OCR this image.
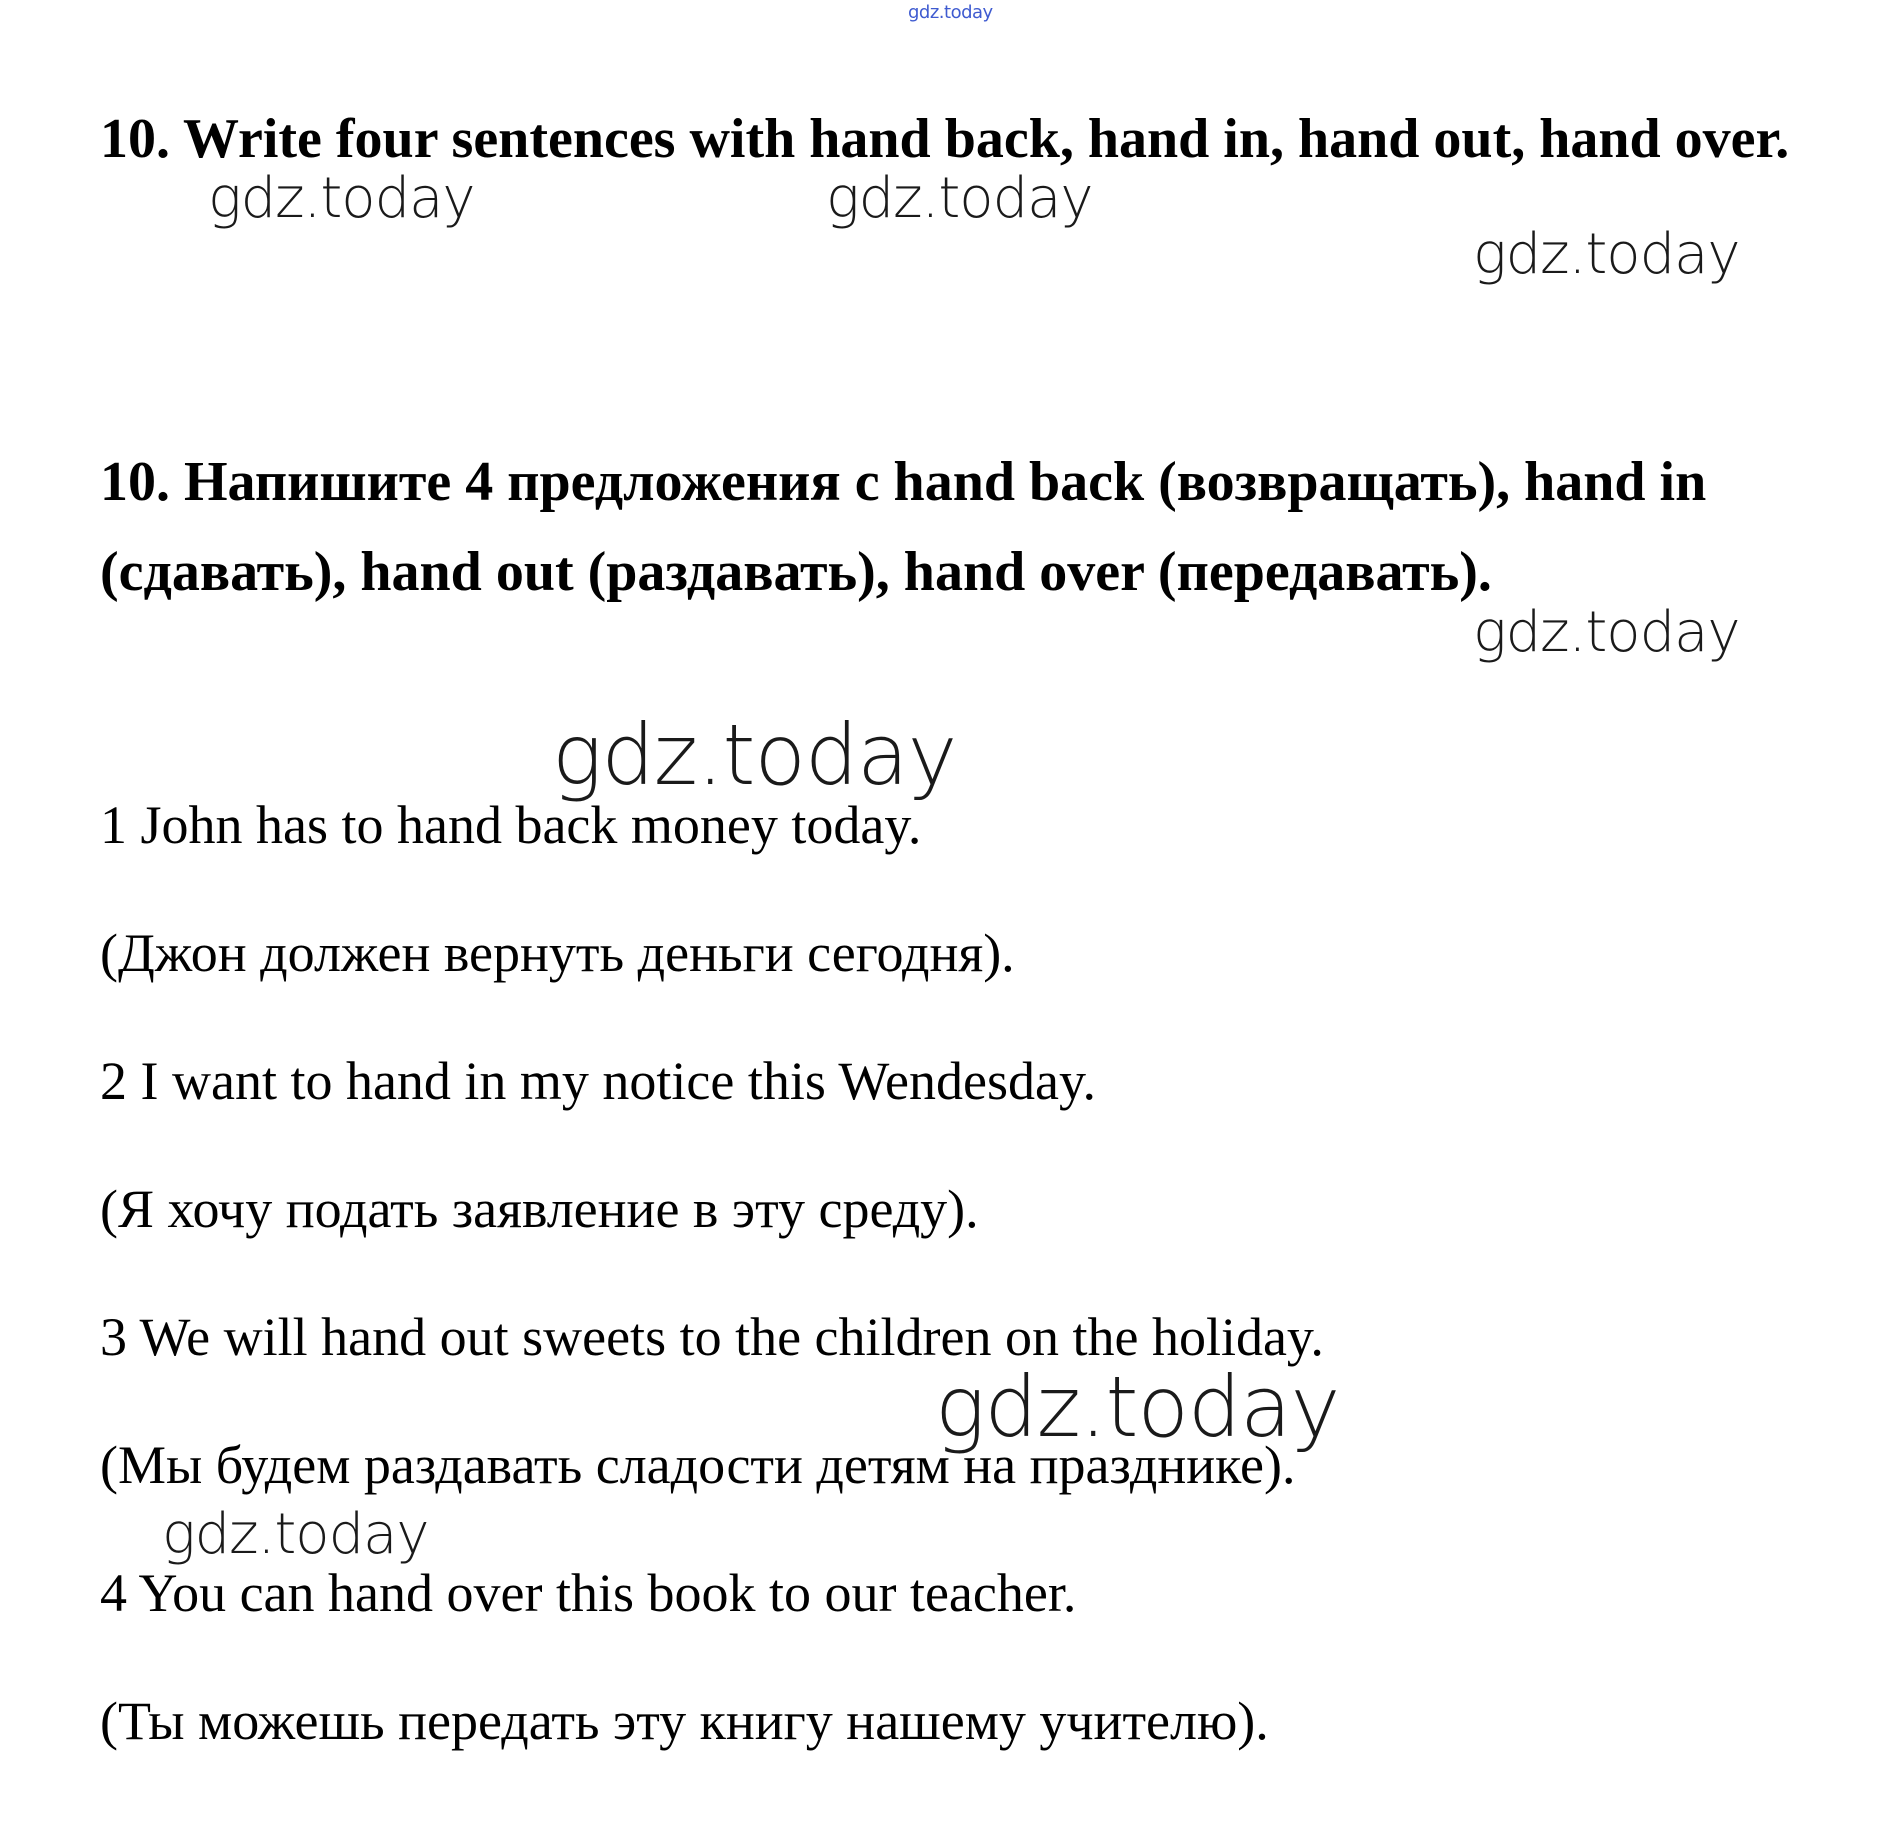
gdz.today

10. Write four sentences with hand back, hand in, hand out, hand over.

10. Напишите 4 предложения с hand back (возвращать), hand in (сдавать), hand out (раздавать), hand over (передавать).

1 John has to hand back money today.

(Джон должен вернуть деньги сегодня).

2 I want to hand in my notice this Wendesday.

(Я хочу подать заявление в эту среду).

3 We will hand out sweets to the children on the holiday.

(Мы будем раздавать сладости детям на празднике).

4 You can hand over this book to our teacher.

(Ты можешь передать эту книгу нашему учителю).

gdz.today	gdz.today
gdz.today
gdz.today
gdz.today
gdz.today
gdz.today
